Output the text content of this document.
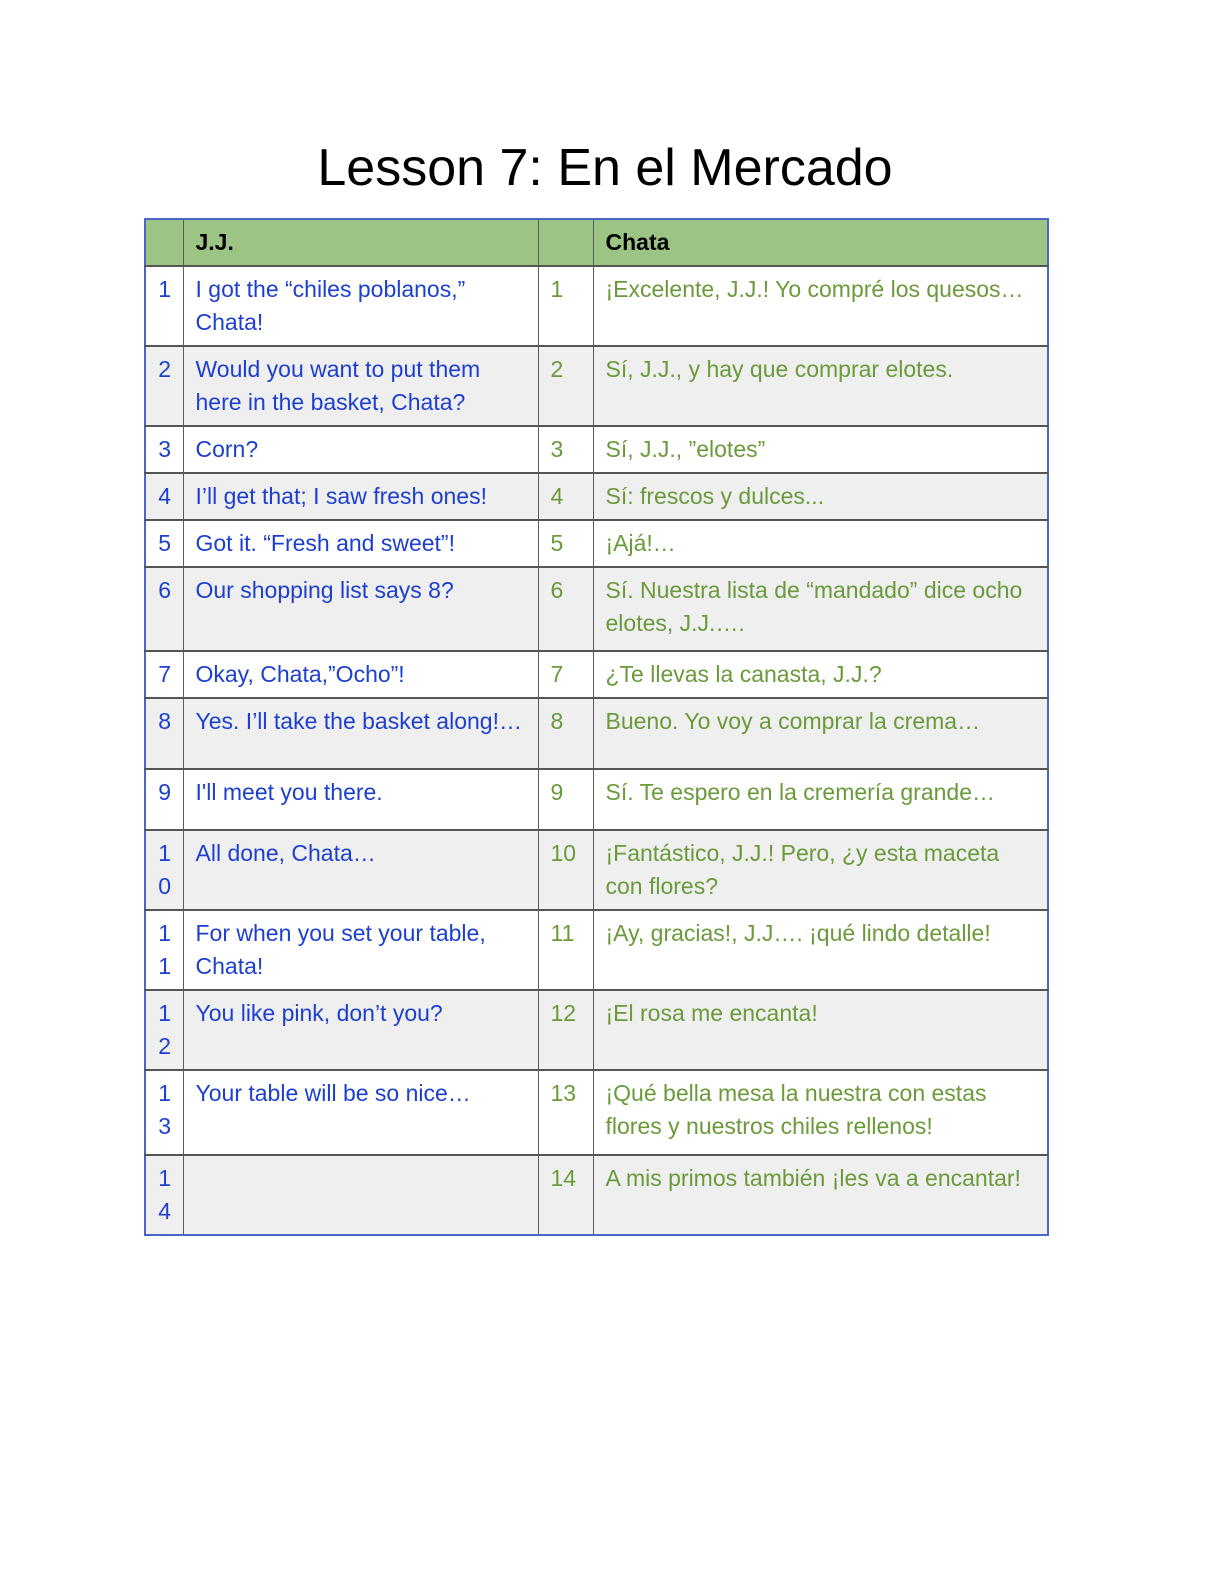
Lesson 7: En el Mercado
	J.J.		Chata

1	I got the “chiles poblanos,” Chata!	1	¡Excelente, J.J.! Yo compré los quesos…

2	Would you want to put them here in the basket, Chata?	2	Sí, J.J., y hay que comprar elotes.

3	Corn?	3	Sí, J.J., ”elotes”

4	I’ll get that; I saw fresh ones!	4	Sí: frescos y dulces...

5	Got it. “Fresh and sweet”!	5	¡Ajá!…

6	Our shopping list says 8?	6	Sí. Nuestra lista de “mandado” dice ocho elotes, J.J.….

7	Okay, Chata,”Ocho”!	7	¿Te llevas la canasta, J.J.?

8	Yes. I’ll take the basket along!…	8	Bueno. Yo voy a comprar la crema…

9	I'll meet you there.	9	Sí. Te espero en la cremería grande…

10	All done, Chata…	10	¡Fantástico, J.J.! Pero, ¿y esta maceta con flores?

11	For when you set your table, Chata!	11	¡Ay, gracias!, J.J…. ¡qué lindo detalle!

12	You like pink, don’t you?	12	¡El rosa me encanta!

13	Your table will be so nice…	13	¡Qué bella mesa la nuestra con estas flores y nuestros chiles rellenos!

14		14	A mis primos también ¡les va a encantar!
